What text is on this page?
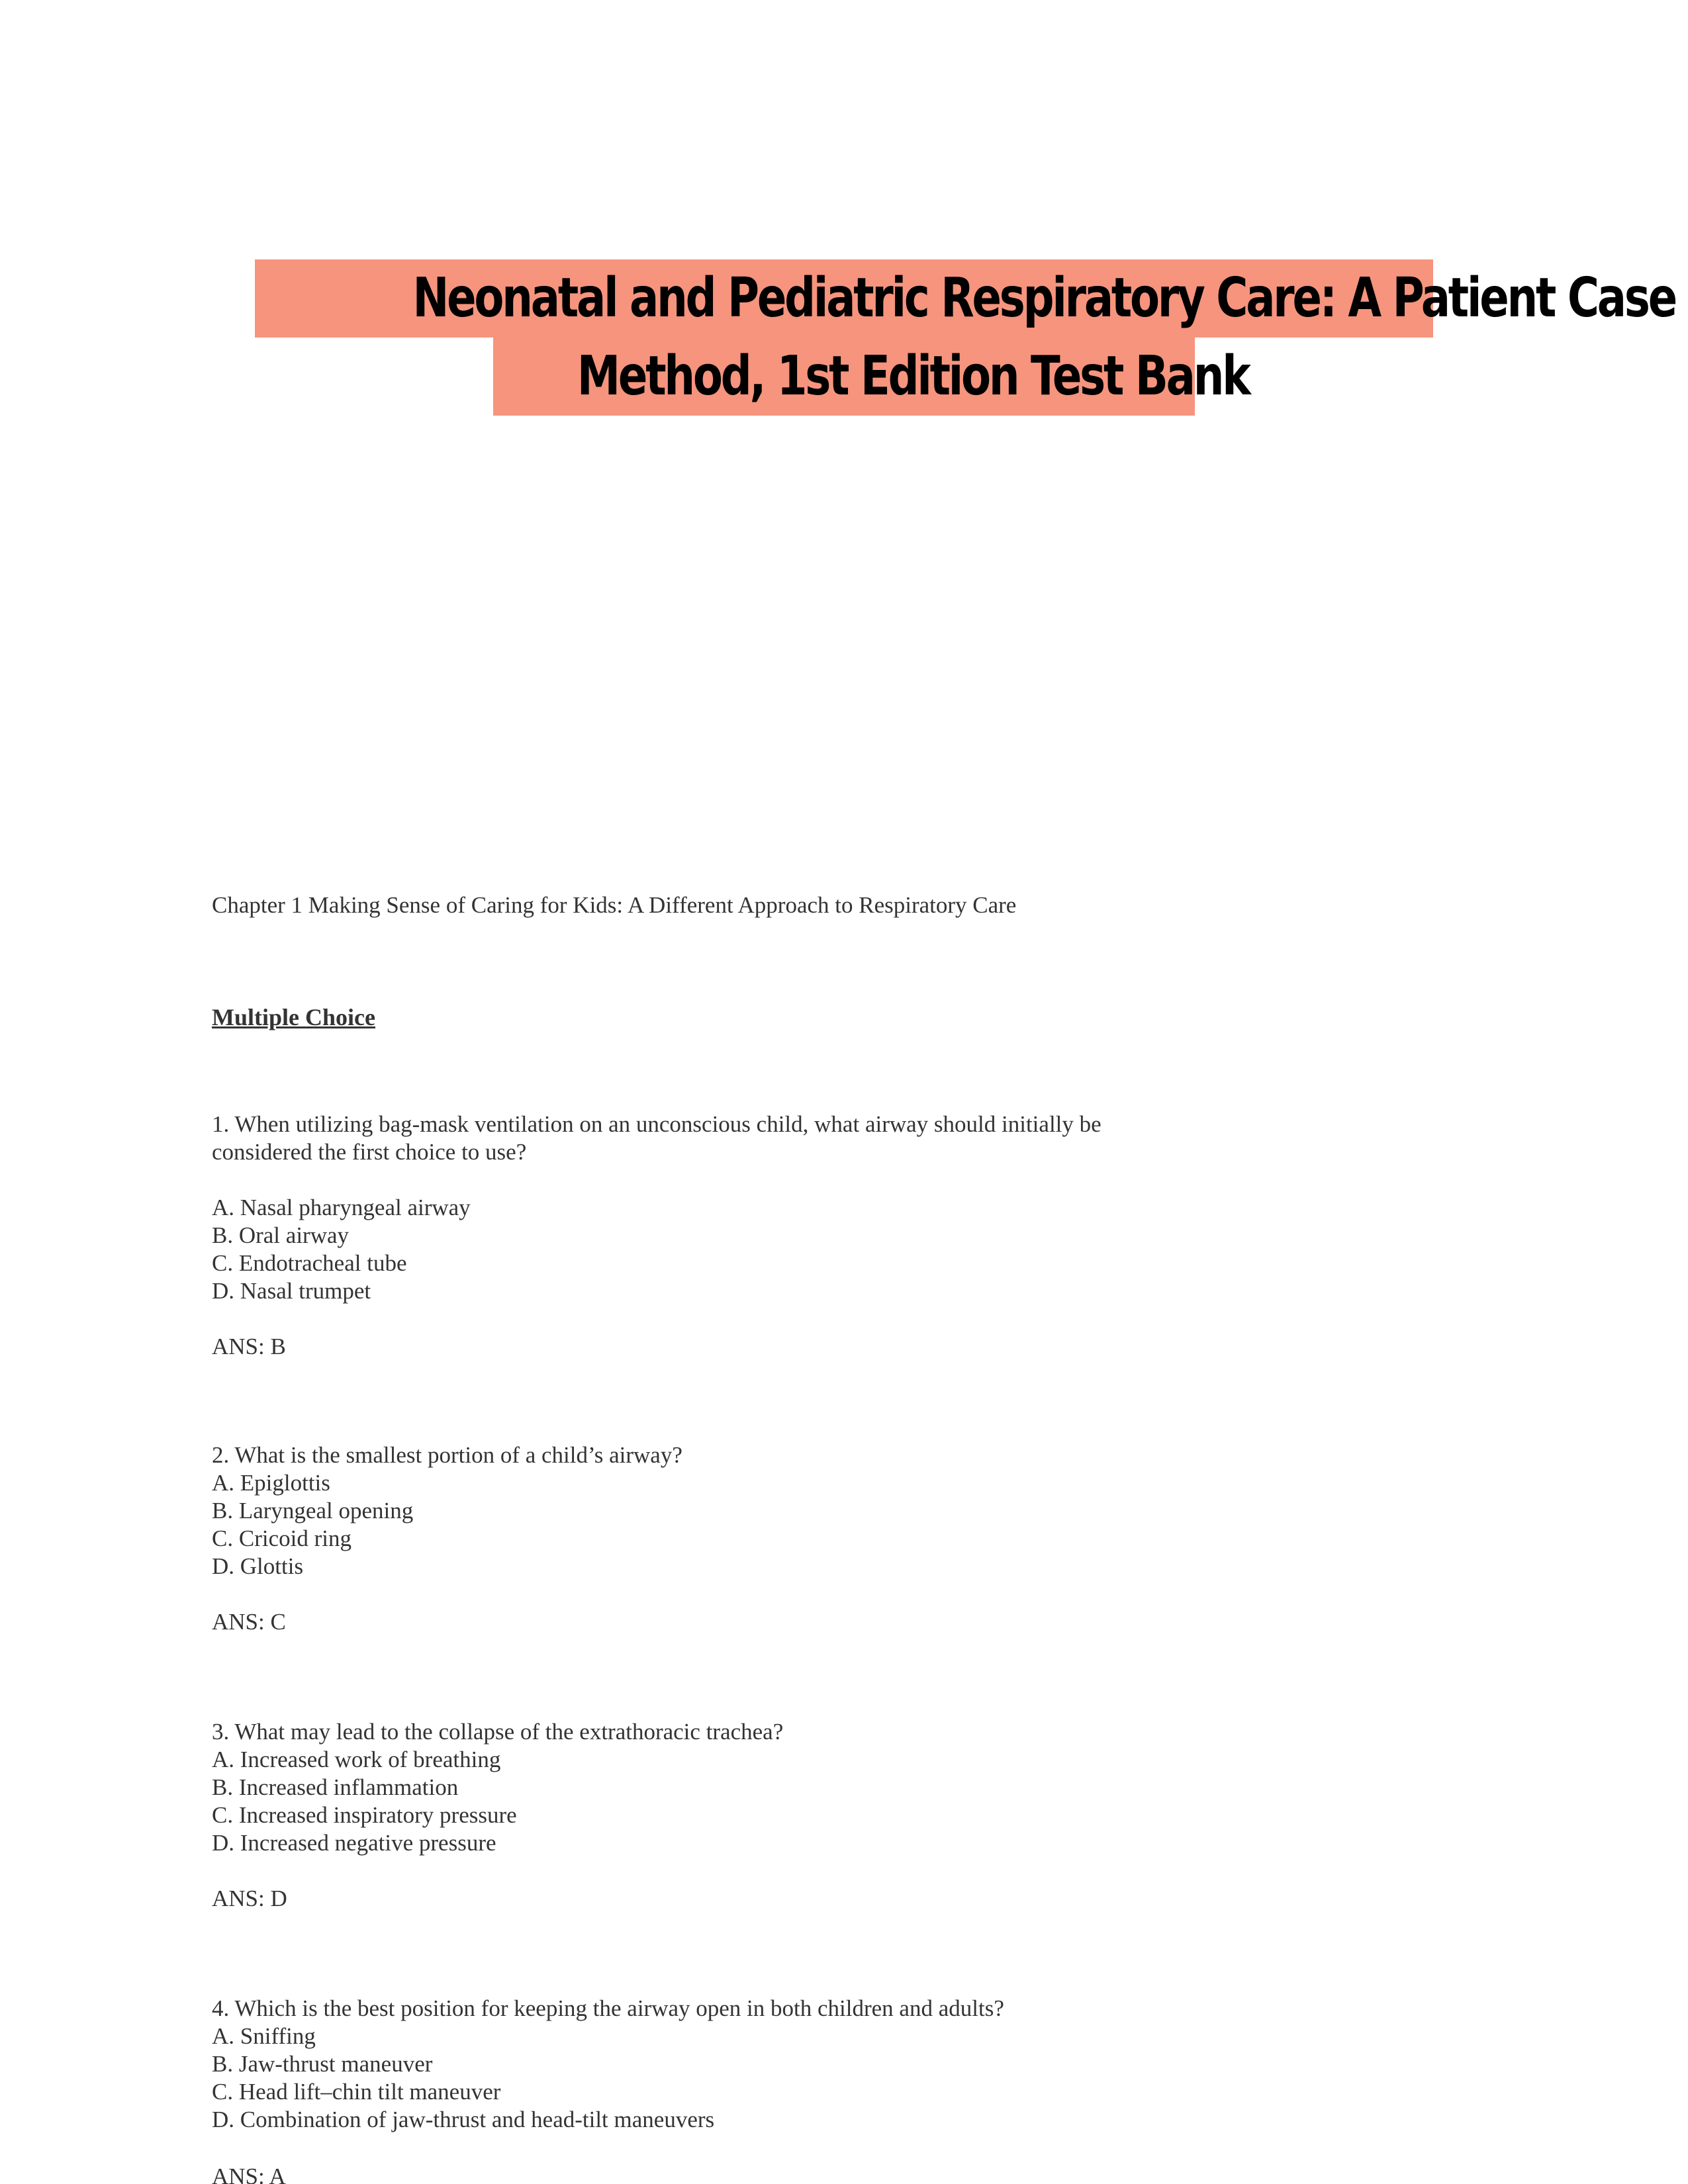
Neonatal and Pediatric Respiratory Care: A Patient Case
Method, 1st Edition Test Bank
Chapter 1 Making Sense of Caring for Kids: A Different Approach to Respiratory Care
Multiple Choice

1. When utilizing bag-mask ventilation on an unconscious child, what airway should initially be considered the first choice to use?

A. Nasal pharyngeal airway
B. Oral airway
C. Endotracheal tube
D. Nasal trumpet

ANS: B

2. What is the smallest portion of a child’s airway?

A. Epiglottis
B. Laryngeal opening
C. Cricoid ring
D. Glottis

ANS: C

3. What may lead to the collapse of the extrathoracic trachea?

A. Increased work of breathing
B. Increased inflammation
C. Increased inspiratory pressure
D. Increased negative pressure

ANS: D

4. Which is the best position for keeping the airway open in both children and adults?

A. Sniffing
B. Jaw-thrust maneuver
C. Head lift–chin tilt maneuver
D. Combination of jaw-thrust and head-tilt maneuvers
ANS: A
